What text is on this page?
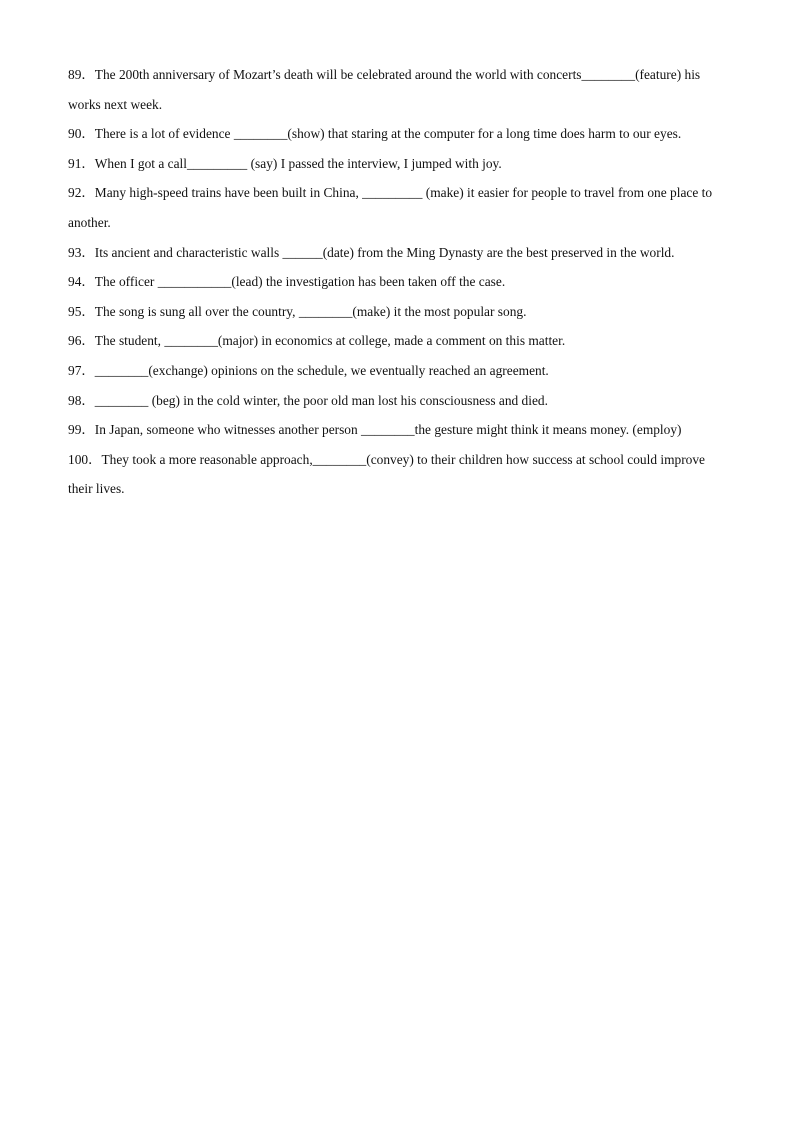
89．The 200th anniversary of Mozart’s death will be celebrated around the world with concerts________(feature) his works next week.
90．There is a lot of evidence ________(show) that staring at the computer for a long time does harm to our eyes.
91．When I got a call_________ (say) I passed the interview, I jumped with joy.
92．Many high-speed trains have been built in China, _________ (make) it easier for people to travel from one place to another.
93．Its ancient and characteristic walls ______(date) from the Ming Dynasty are the best preserved in the world.
94．The officer ___________(lead) the investigation has been taken off the case.
95．The song is sung all over the country, ________(make) it the most popular song.
96．The student, ________(major) in economics at college, made a comment on this matter.
97．________(exchange) opinions on the schedule, we eventually reached an agreement.
98．________ (beg) in the cold winter, the poor old man lost his consciousness and died.
99．In Japan, someone who witnesses another person ________the gesture might think it means money. (employ)
100．They took a more reasonable approach,________(convey) to their children how success at school could improve their lives.
